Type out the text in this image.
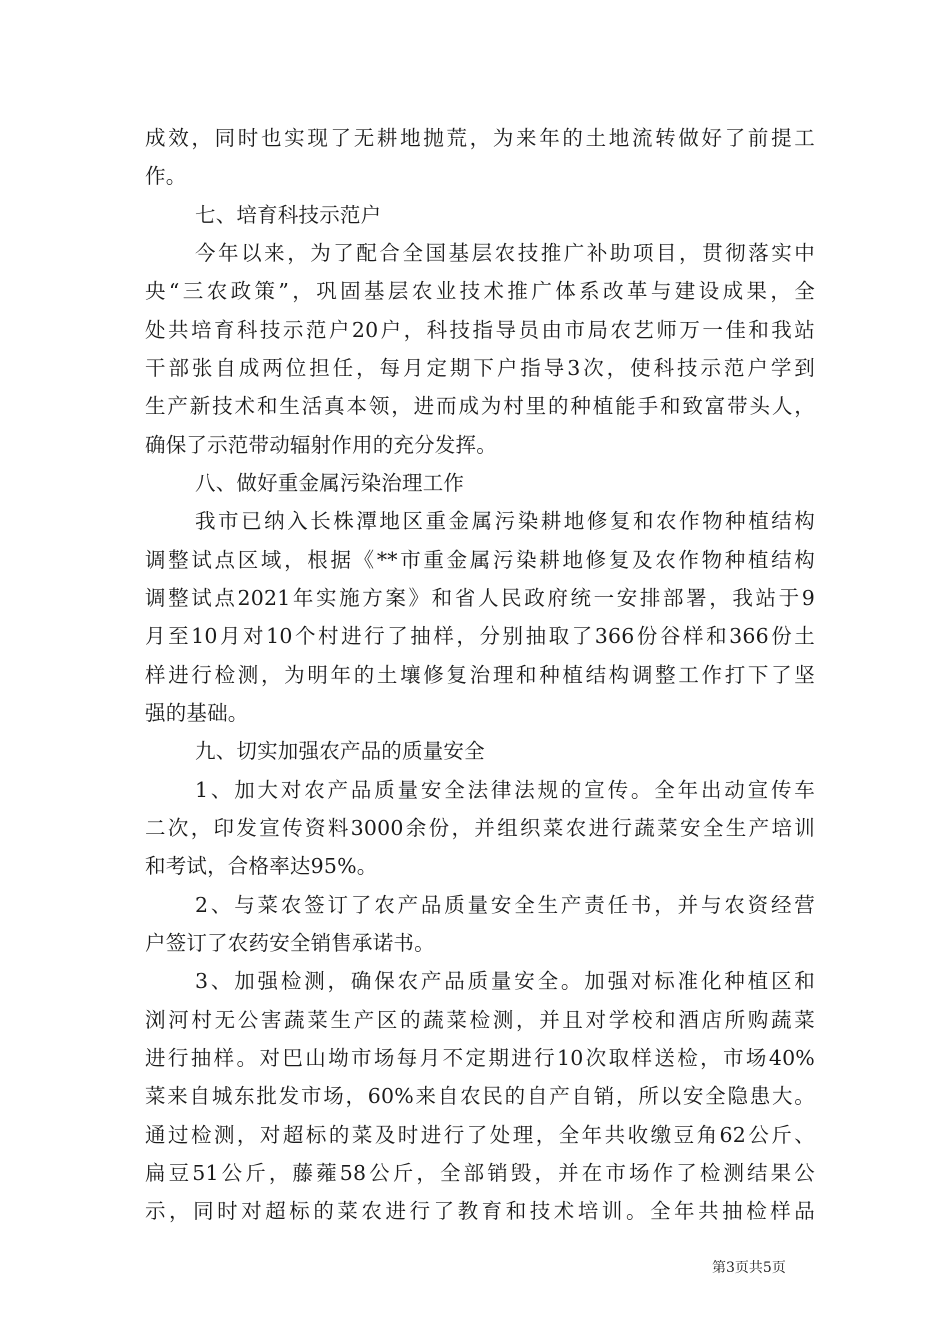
成效，同时也实现了无耕地抛荒，为来年的土地流转做好了前提工
作。
七、培育科技示范户
今年以来，为了配合全国基层农技推广补助项目，贯彻落实中
央“三农政策”，巩固基层农业技术推广体系改革与建设成果，全
处共培育科技示范户20户，科技指导员由市局农艺师万一佳和我站
干部张自成两位担任，每月定期下户指导3次，使科技示范户学到
生产新技术和生活真本领，进而成为村里的种植能手和致富带头人，
确保了示范带动辐射作用的充分发挥。
八、做好重金属污染治理工作
我市已纳入长株潭地区重金属污染耕地修复和农作物种植结构
调整试点区域，根据《**市重金属污染耕地修复及农作物种植结构
调整试点2021年实施方案》和省人民政府统一安排部署，我站于9
月至10月对10个村进行了抽样，分别抽取了366份谷样和366份土
样进行检测，为明年的土壤修复治理和种植结构调整工作打下了坚
强的基础。
九、切实加强农产品的质量安全
1、加大对农产品质量安全法律法规的宣传。全年出动宣传车
二次，印发宣传资料3000余份，并组织菜农进行蔬菜安全生产培训
和考试，合格率达95%。
2、与菜农签订了农产品质量安全生产责任书，并与农资经营
户签订了农药安全销售承诺书。
3、加强检测，确保农产品质量安全。加强对标准化种植区和
浏河村无公害蔬菜生产区的蔬菜检测，并且对学校和酒店所购蔬菜
进行抽样。对巴山坳市场每月不定期进行10次取样送检，市场40%
菜来自城东批发市场，60%来自农民的自产自销，所以安全隐患大。
通过检测，对超标的菜及时进行了处理，全年共收缴豆角62公斤、
扁豆51公斤，藤蕹58公斤，全部销毁，并在市场作了检测结果公
示，同时对超标的菜农进行了教育和技术培训。全年共抽检样品
第3页共5页
